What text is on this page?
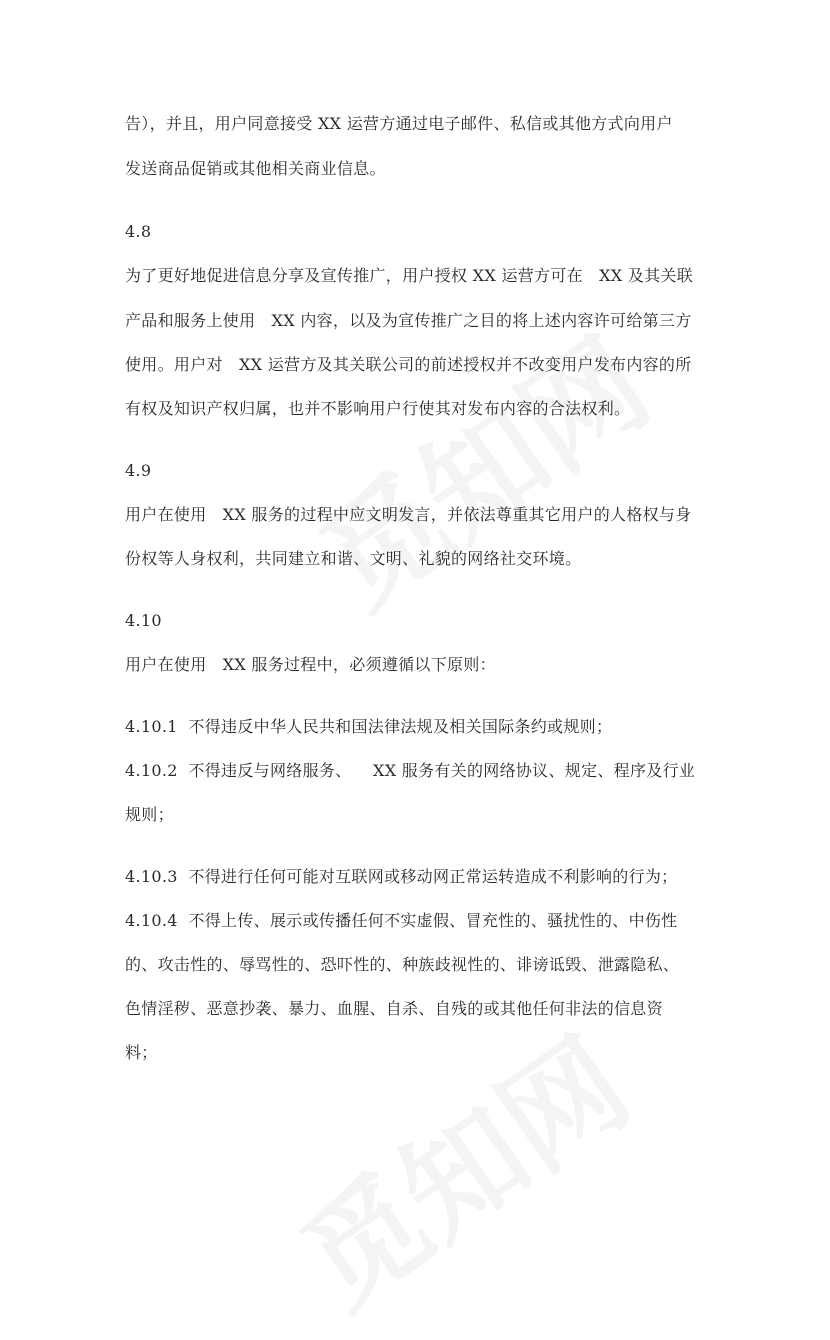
告），并且，用户同意接受 XX 运营方通过电子邮件、私信或其他方式向用户
发送商品促销或其他相关商业信息。
4.8
为了更好地促进信息分享及宣传推广，用户授权 XX 运营方可在   XX 及其关联
产品和服务上使用   XX 内容，以及为宣传推广之目的将上述内容许可给第三方
使用。用户对   XX 运营方及其关联公司的前述授权并不改变用户发布内容的所
有权及知识产权归属，也并不影响用户行使其对发布内容的合法权利。
4.9
用户在使用   XX 服务的过程中应文明发言，并依法尊重其它用户的人格权与身
份权等人身权利，共同建立和谐、文明、礼貌的网络社交环境。
4.10
用户在使用   XX 服务过程中，必须遵循以下原则：
4.10.1  不得违反中华人民共和国法律法规及相关国际条约或规则；
4.10.2  不得违反与网络服务、    XX 服务有关的网络协议、规定、程序及行业
规则；
4.10.3  不得进行任何可能对互联网或移动网正常运转造成不利影响的行为；
4.10.4  不得上传、展示或传播任何不实虚假、冒充性的、骚扰性的、中伤性
的、攻击性的、辱骂性的、恐吓性的、种族歧视性的、诽谤诋毁、泄露隐私、
色情淫秽、恶意抄袭、暴力、血腥、自杀、自残的或其他任何非法的信息资
料；
